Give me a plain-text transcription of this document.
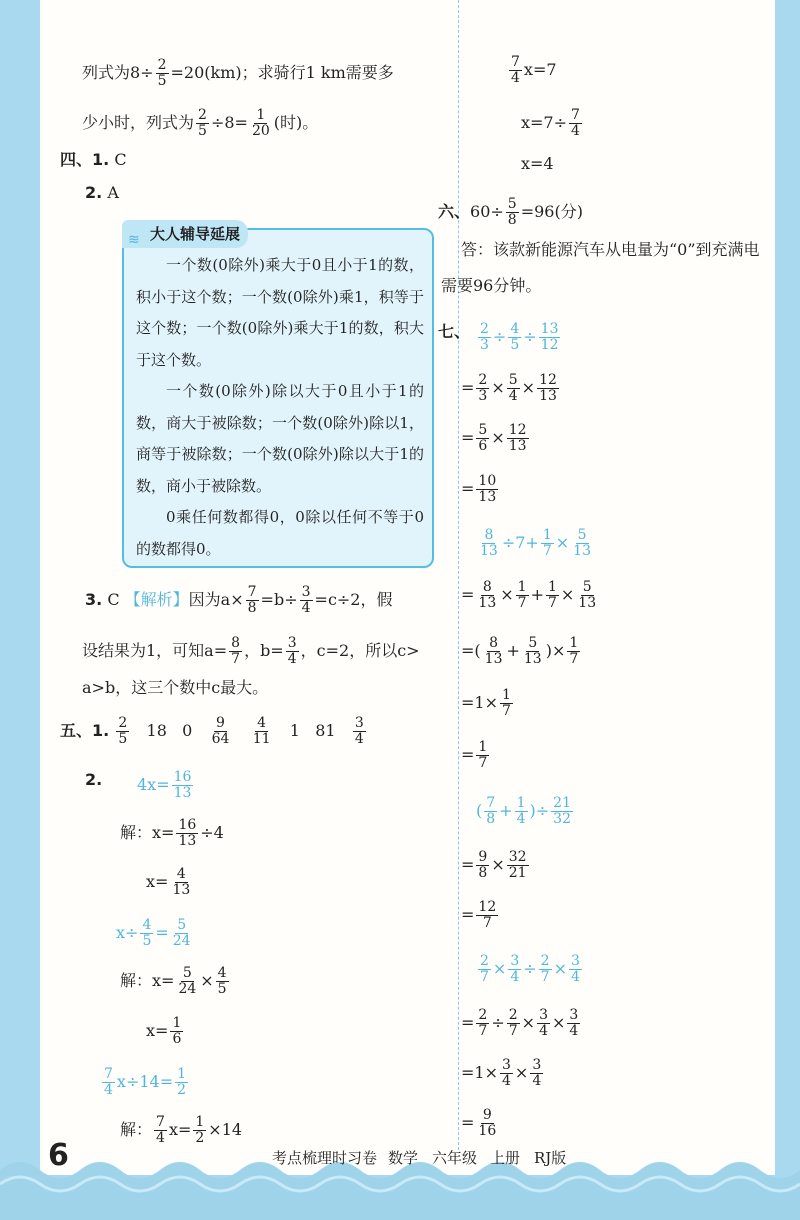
列式为$8\div \frac{2}{5} =20(km)$；求骑行1 km需要多
少小时，列式为 $\frac{2}{5} \div 8= \frac{1}{20}$ (时)。
四、1. C
2. A
≋ 大人辅导延展

一个数(0除外)乘大于0且小于1的数，积小于这个数；一个数(0除外)乘1，积等于这个数；一个数(0除外)乘大于1的数，积大于这个数。

一个数(0除外)除以大于0且小于1的数，商大于被除数；一个数(0除外)除以1，商等于被除数；一个数(0除外)除以大于1的数，商小于被除数。

0乘任何数都得0，0除以任何不等于0的数都得0。

3. C 【解析】因为$a\times \frac{7}{8} =b\div \frac{3}{4} =c\div 2$，假
设结果为1，可知$a= \frac{8}{7}$ ，$b= \frac{3}{4}$ ，c=2，所以c>
a>b，这三个数中c最大。
五、1. $\frac{2}{5} 18$ $0 \frac{9}{64}$
$\frac{4}{11} 1$ $81 \frac{3}{4}$
2. $4x= \frac{16}{13}$
解：$x= \frac{16}{13} \div 4$
$x= \frac{4}{13}$
$x\div \frac{4}{5} = \frac{5}{24}$
解：$x= \frac{5}{24} \times \frac{4}{5}$
$x= \frac{1}{6}$
$\frac{7}{4} x\div 14= \frac{1}{2}$
解： $\frac{7}{4} x= \frac{1}{2} \times 14$
$\frac{7}{4} x=7$
$x=7\div \frac{7}{4}$
x=4
六、$60\div \frac{5}{8} =96$(分)
答：该款新能源汽车从电量为“0”到充满电
需要96分钟。
七、 $\frac{2}{3} \div \frac{4}{5} \div \frac{13}{12}$
= $\frac{2}{3} \times \frac{5}{4} \times \frac{12}{13}$
= $\frac{5}{6} \times \frac{12}{13}$
= $\frac{10}{13}$
$\frac{8}{13} \div 7+ \frac{1}{7} \times \frac{5}{13}$
= $\frac{8}{13} \times \frac{1}{7} + \frac{1}{7} \times \frac{5}{13}$
=( $\frac{8}{13} + \frac{5}{13}$ )× $\frac{1}{7}$
$=1\times \frac{1}{7}$
= $\frac{1}{7}$
( $\frac{7}{8} + \frac{1}{4}$ )÷ $\frac{21}{32}$
= $\frac{9}{8} \times \frac{32}{21}$
= $\frac{12}{7}$
$\frac{2}{7} \times \frac{3}{4} \div \frac{2}{7} \times \frac{3}{4}$
= $\frac{2}{7} \div \frac{2}{7} \times \frac{3}{4} \times \frac{3}{4}$
$=1\times \frac{3}{4} \times \frac{3}{4}$
= $\frac{9}{16}$
6	考点梳理时习卷 数学 六年级 上册 RJ版
